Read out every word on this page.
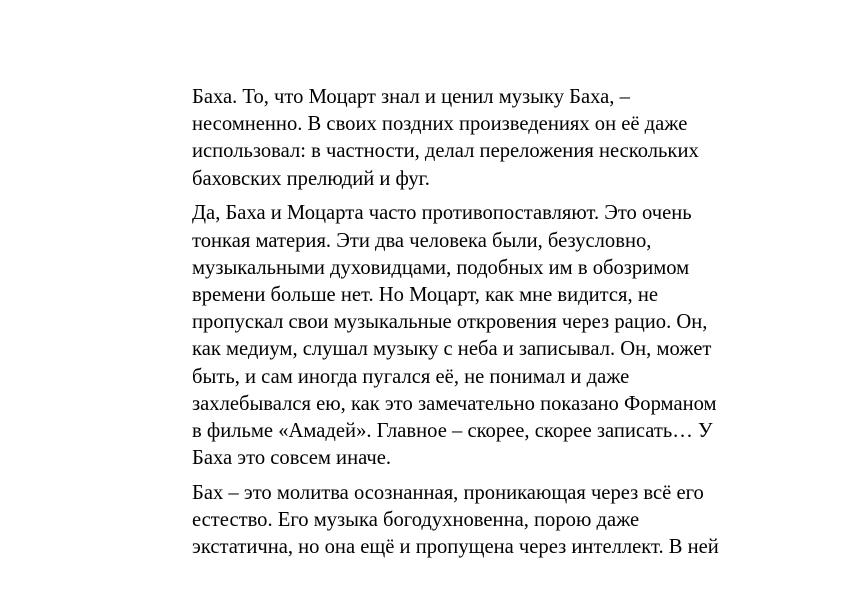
Баха. То, что Моцарт знал и ценил музыку Баха, –
несомненно. В своих поздних произведениях он её даже
использовал: в частности, делал переложения нескольких
баховских прелюдий и фуг.

Да, Баха и Моцарта часто противопоставляют. Это очень
тонкая материя. Эти два человека были, безусловно,
музыкальными духовидцами, подобных им в обозримом
времени больше нет. Но Моцарт, как мне видится, не
пропускал свои музыкальные откровения через рацио. Он,
как медиум, слушал музыку с неба и записывал. Он, может
быть, и сам иногда пугался её, не понимал и даже
захлебывался ею, как это замечательно показано Форманом
в фильме «Амадей». Главное – скорее, скорее записать… У
Баха это совсем иначе.

Бах – это молитва осознанная, проникающая через всё его
естество. Его музыка богодухновенна, порою даже
экстатична, но она ещё и пропущена через интеллект. В ней
